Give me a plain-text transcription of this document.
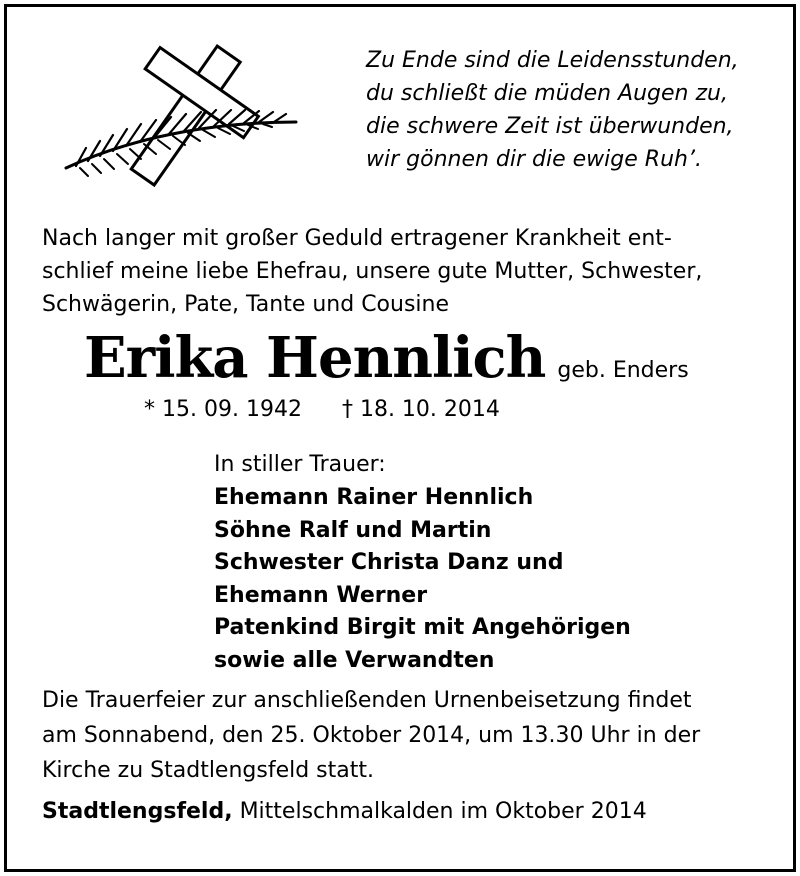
Zu Ende sind die Leidensstunden,
du schließt die müden Augen zu,
die schwere Zeit ist überwunden,
wir gönnen dir die ewige Ruh’.
Nach langer mit großer Geduld ertragener Krankheit ent-
schlief meine liebe Ehefrau, unsere gute Mutter, Schwester,
Schwägerin, Pate, Tante und Cousine
Erika Hennlich geb. Enders
* 15. 09. 1942 † 18. 10. 2014
In stiller Trauer:
Ehemann Rainer Hennlich
Söhne Ralf und Martin
Schwester Christa Danz und
Ehemann Werner
Patenkind Birgit mit Angehörigen
sowie alle Verwandten
Die Trauerfeier zur anschließenden Urnenbeisetzung findet
am Sonnabend, den 25. Oktober 2014, um 13.30 Uhr in der
Kirche zu Stadtlengsfeld statt.
Stadtlengsfeld, Mittelschmalkalden im Oktober 2014
